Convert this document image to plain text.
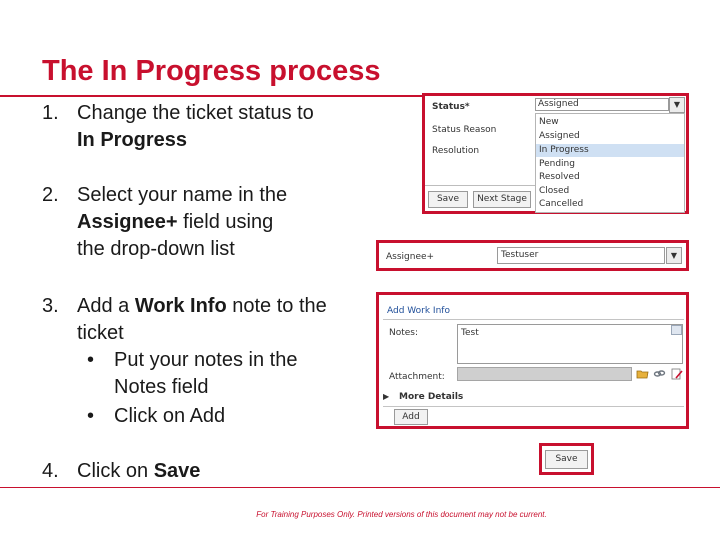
The In Progress process
1. Change the ticket status to
In Progress
2. Select your name in the
Assignee+ field using
the drop-down list
3. Add a Work Info note to the
ticket
• Put your notes in the
Notes field
• Click on Add
4. Click on Save
Status*	Assigned	▼
Status Reason
Resolution
New
Assigned
In Progress
Pending
Resolved
Closed
Cancelled
Save	Next Stage
Assignee+	Testuser	▼
Add Work Info
Notes:	Test
Attachment:
▶ More Details
Add
Save
For Training Purposes Only. Printed versions of this document may not be current.
